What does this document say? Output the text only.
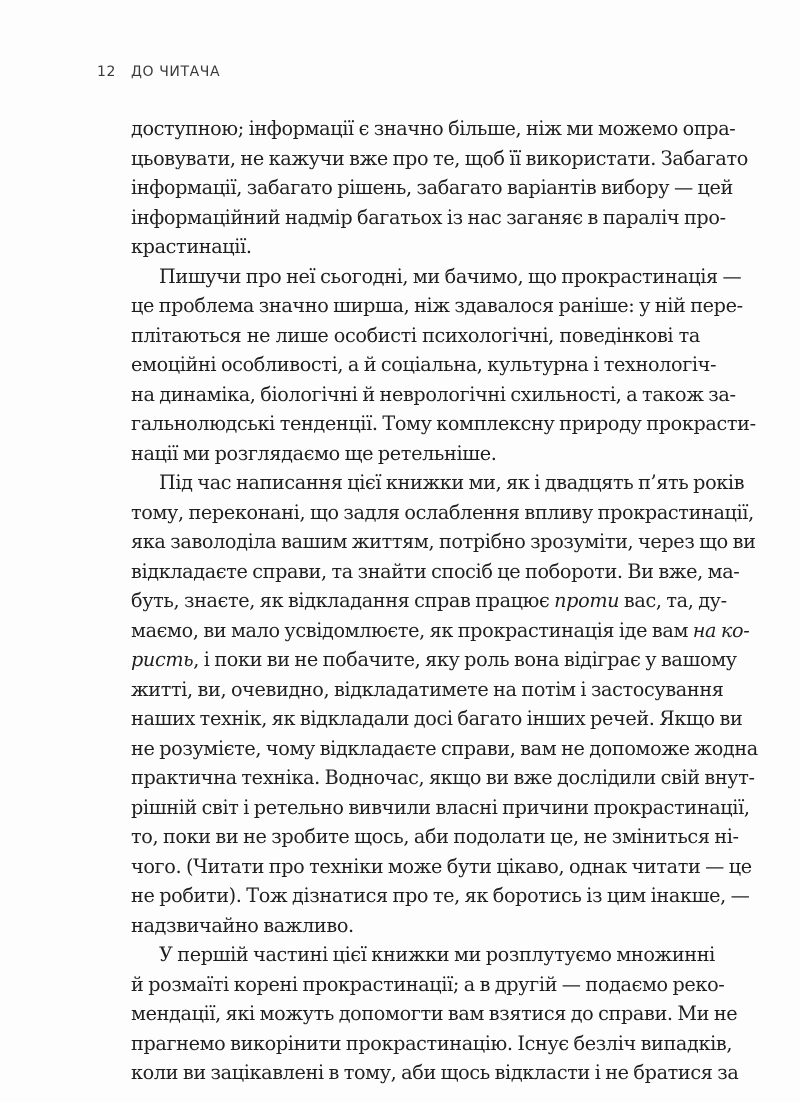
12 ДО ЧИТАЧА
доступною; інформації є значно більше, ніж ми можемо опра-
цьовувати, не кажучи вже про те, щоб її використати. Забагато
інформації, забагато рішень, забагато варіантів вибору — цей
інформаційний надмір багатьох із нас заганяє в параліч про-
крастинації.
Пишучи про неї сьогодні, ми бачимо, що прокрастинація —
це проблема значно ширша, ніж здавалося раніше: у ній пере-
плітаються не лише особисті психологічні, поведінкові та
емоційні особливості, а й соціальна, культурна і технологіч-
на динаміка, біологічні й неврологічні схильності, а також за-
гальнолюдські тенденції. Тому комплексну природу прокрасти-
нації ми розглядаємо ще ретельніше.
Під час написання цієї книжки ми, як і двадцять п’ять років
тому, переконані, що задля ослаблення впливу прокрастинації,
яка заволоділа вашим життям, потрібно зрозуміти, через що ви
відкладаєте справи, та знайти спосіб це побороти. Ви вже, ма-
буть, знаєте, як відкладання справ працює проти вас, та, ду-
маємо, ви мало усвідомлюєте, як прокрастинація іде вам на ко-
ристь, і поки ви не побачите, яку роль вона відіграє у вашому
житті, ви, очевидно, відкладатимете на потім і застосування
наших технік, як відкладали досі багато інших речей. Якщо ви
не розумієте, чому відкладаєте справи, вам не допоможе жодна
практична техніка. Водночас, якщо ви вже дослідили свій внут-
рішній світ і ретельно вивчили власні причини прокрастинації,
то, поки ви не зробите щось, аби подолати це, не зміниться ні-
чого. (Читати про техніки може бути цікаво, однак читати — це
не робити). Тож дізнатися про те, як боротись із цим інакше, —
надзвичайно важливо.
У першій частині цієї книжки ми розплутуємо множинні
й розмаїті корені прокрастинації; а в другій — подаємо реко-
мендації, які можуть допомогти вам взятися до справи. Ми не
прагнемо викорінити прокрастинацію. Існує безліч випадків,
коли ви зацікавлені в тому, аби щось відкласти і не братися за
